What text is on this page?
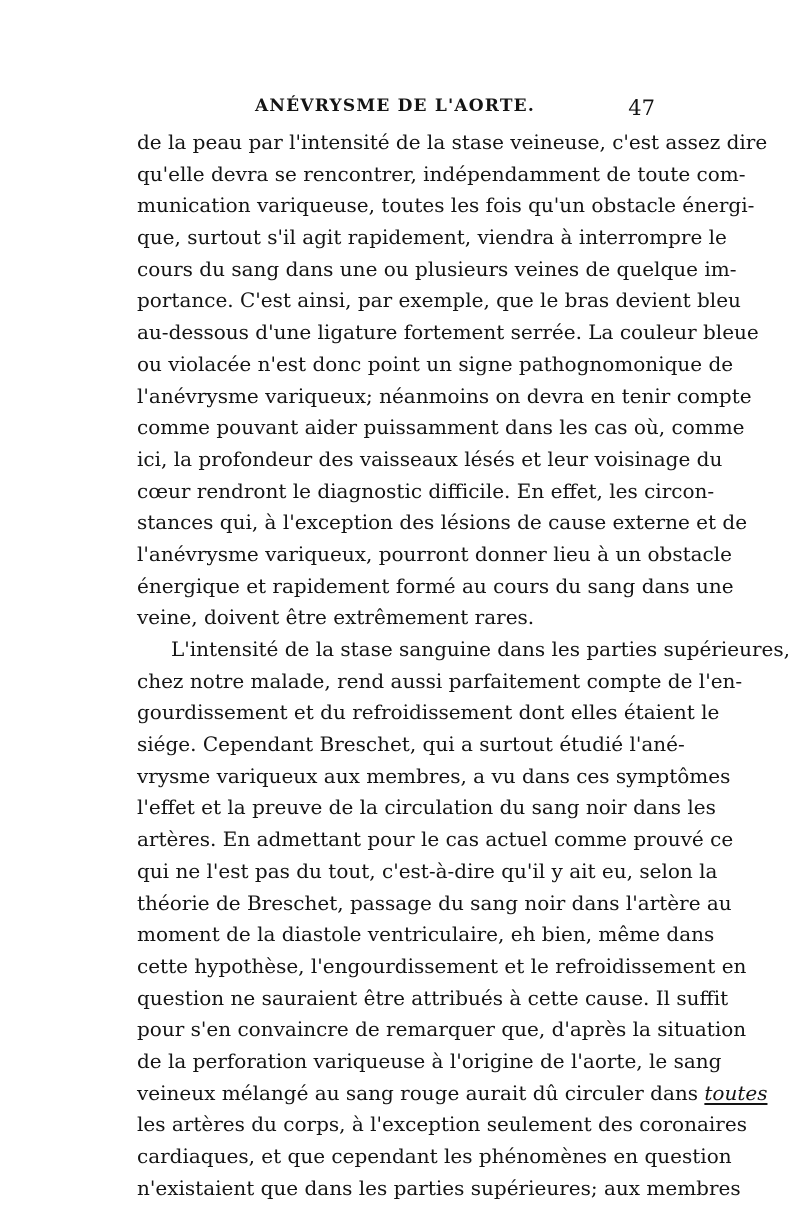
ANÉVRYSME DE L'AORTE.	47
de la peau par l'intensité de la stase veineuse, c'est assez dire
qu'elle devra se rencontrer, indépendamment de toute com-
munication variqueuse, toutes les fois qu'un obstacle énergi-
que, surtout s'il agit rapidement, viendra à interrompre le
cours du sang dans une ou plusieurs veines de quelque im-
portance. C'est ainsi, par exemple, que le bras devient bleu
au-dessous d'une ligature fortement serrée. La couleur bleue
ou violacée n'est donc point un signe pathognomonique de
l'anévrysme variqueux; néanmoins on devra en tenir compte
comme pouvant aider puissamment dans les cas où, comme
ici, la profondeur des vaisseaux lésés et leur voisinage du
cœur rendront le diagnostic difficile. En effet, les circon-
stances qui, à l'exception des lésions de cause externe et de
l'anévrysme variqueux, pourront donner lieu à un obstacle
énergique et rapidement formé au cours du sang dans une
veine, doivent être extrêmement rares.
L'intensité de la stase sanguine dans les parties supérieures,
chez notre malade, rend aussi parfaitement compte de l'en-
gourdissement et du refroidissement dont elles étaient le
siége. Cependant Breschet, qui a surtout étudié l'ané-
vrysme variqueux aux membres, a vu dans ces symptômes
l'effet et la preuve de la circulation du sang noir dans les
artères. En admettant pour le cas actuel comme prouvé ce
qui ne l'est pas du tout, c'est-à-dire qu'il y ait eu, selon la
théorie de Breschet, passage du sang noir dans l'artère au
moment de la diastole ventriculaire, eh bien, même dans
cette hypothèse, l'engourdissement et le refroidissement en
question ne sauraient être attribués à cette cause. Il suffit
pour s'en convaincre de remarquer que, d'après la situation
de la perforation variqueuse à l'origine de l'aorte, le sang
veineux mélangé au sang rouge aurait dû circuler dans toutes
les artères du corps, à l'exception seulement des coronaires
cardiaques, et que cependant les phénomènes en question
n'existaient que dans les parties supérieures; aux membres
